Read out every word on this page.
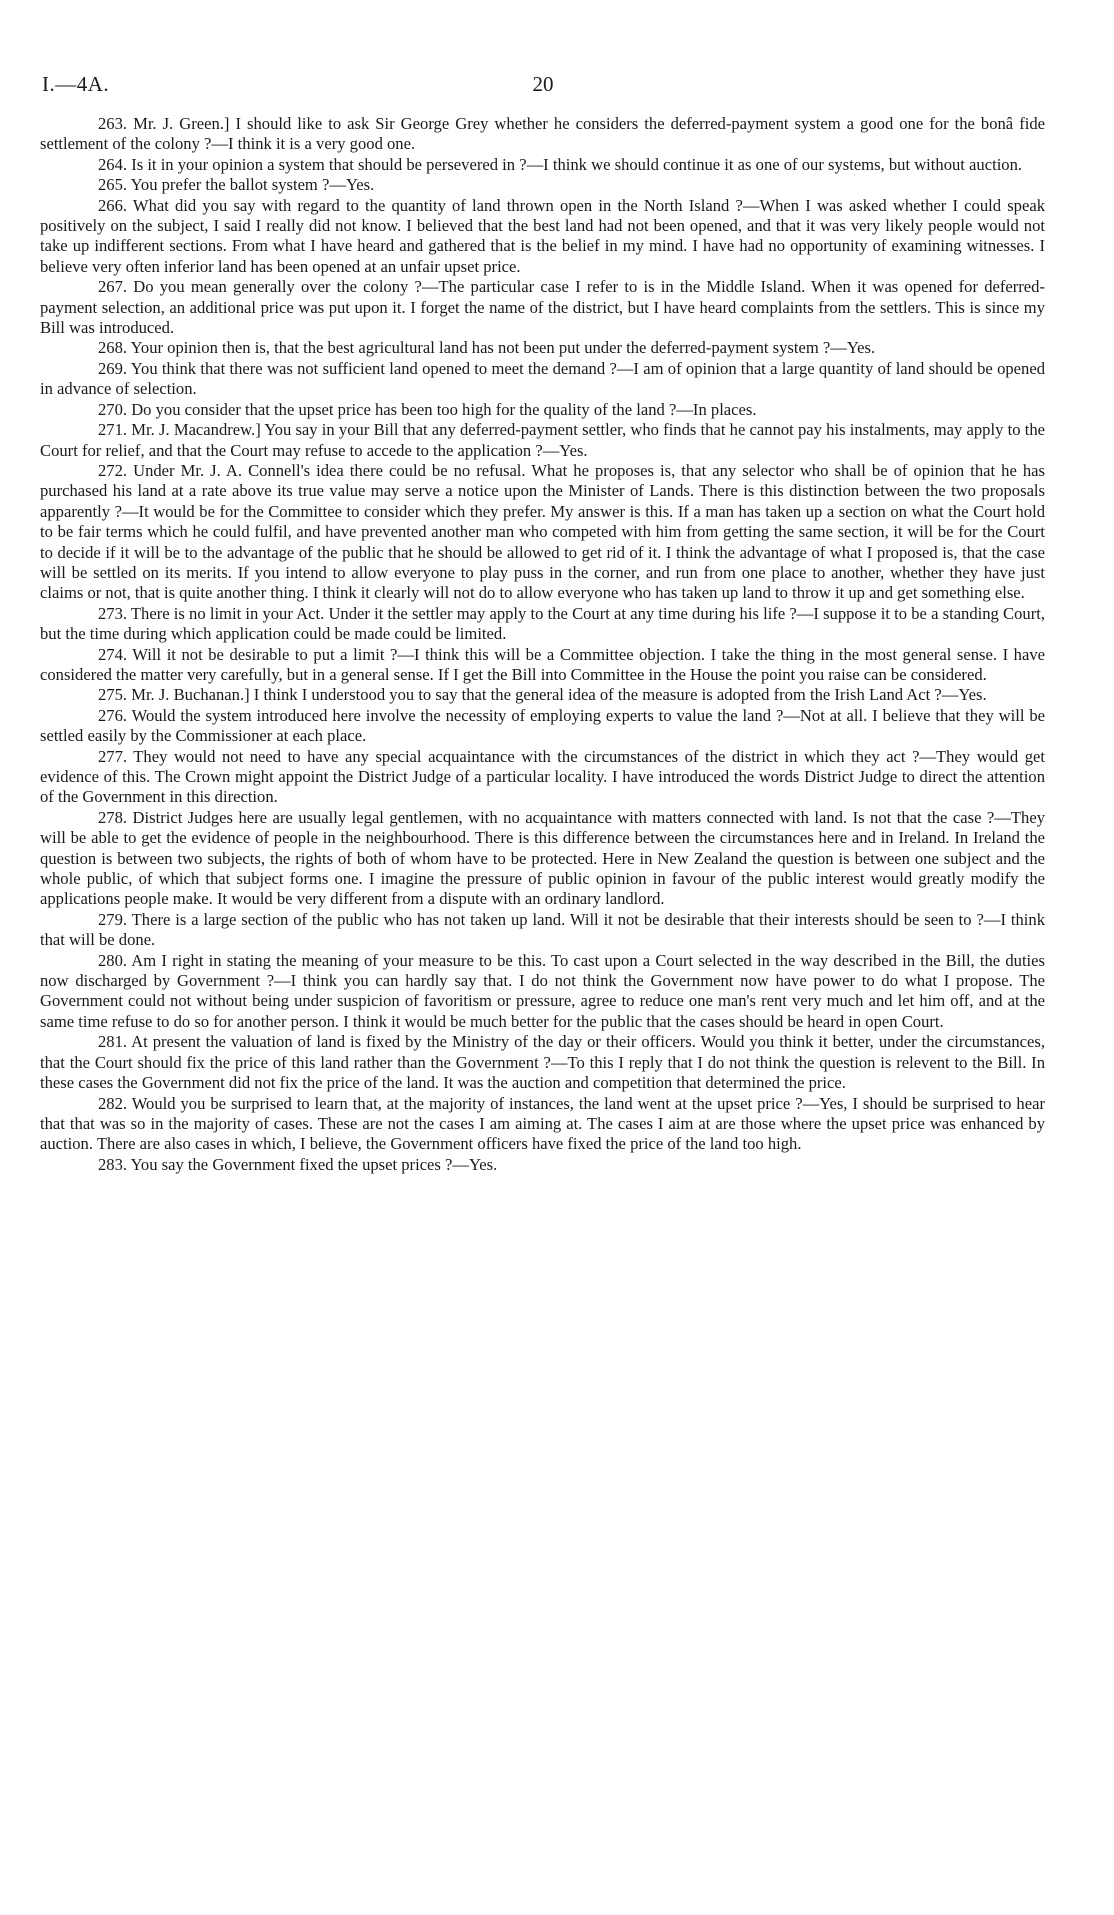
I.—4A.	20

263. Mr. J. Green.] I should like to ask Sir George Grey whether he considers the deferred-payment system a good one for the bonâ fide settlement of the colony ?—I think it is a very good one.

264. Is it in your opinion a system that should be persevered in ?—I think we should continue it as one of our systems, but without auction.

265. You prefer the ballot system ?—Yes.

266. What did you say with regard to the quantity of land thrown open in the North Island ?—When I was asked whether I could speak positively on the subject, I said I really did not know. I believed that the best land had not been opened, and that it was very likely people would not take up indifferent sections. From what I have heard and gathered that is the belief in my mind. I have had no opportunity of examining witnesses. I believe very often inferior land has been opened at an unfair upset price.

267. Do you mean generally over the colony ?—The particular case I refer to is in the Middle Island. When it was opened for deferred-payment selection, an additional price was put upon it. I forget the name of the district, but I have heard complaints from the settlers. This is since my Bill was introduced.

268. Your opinion then is, that the best agricultural land has not been put under the deferred-payment system ?—Yes.

269. You think that there was not sufficient land opened to meet the demand ?—I am of opinion that a large quantity of land should be opened in advance of selection.

270. Do you consider that the upset price has been too high for the quality of the land ?—In places.

271. Mr. J. Macandrew.] You say in your Bill that any deferred-payment settler, who finds that he cannot pay his instalments, may apply to the Court for relief, and that the Court may refuse to accede to the application ?—Yes.

272. Under Mr. J. A. Connell's idea there could be no refusal. What he proposes is, that any selector who shall be of opinion that he has purchased his land at a rate above its true value may serve a notice upon the Minister of Lands. There is this distinction between the two proposals apparently ?—It would be for the Committee to consider which they prefer. My answer is this. If a man has taken up a section on what the Court hold to be fair terms which he could fulfil, and have prevented another man who competed with him from getting the same section, it will be for the Court to decide if it will be to the advantage of the public that he should be allowed to get rid of it. I think the advantage of what I proposed is, that the case will be settled on its merits. If you intend to allow everyone to play puss in the corner, and run from one place to another, whether they have just claims or not, that is quite another thing. I think it clearly will not do to allow everyone who has taken up land to throw it up and get something else.

273. There is no limit in your Act. Under it the settler may apply to the Court at any time during his life ?—I suppose it to be a standing Court, but the time during which application could be made could be limited.

274. Will it not be desirable to put a limit ?—I think this will be a Committee objection. I take the thing in the most general sense. I have considered the matter very carefully, but in a general sense. If I get the Bill into Committee in the House the point you raise can be considered.

275. Mr. J. Buchanan.] I think I understood you to say that the general idea of the measure is adopted from the Irish Land Act ?—Yes.

276. Would the system introduced here involve the necessity of employing experts to value the land ?—Not at all. I believe that they will be settled easily by the Commissioner at each place.

277. They would not need to have any special acquaintance with the circumstances of the district in which they act ?—They would get evidence of this. The Crown might appoint the District Judge of a particular locality. I have introduced the words District Judge to direct the attention of the Government in this direction.

278. District Judges here are usually legal gentlemen, with no acquaintance with matters connected with land. Is not that the case ?—They will be able to get the evidence of people in the neighbourhood. There is this difference between the circumstances here and in Ireland. In Ireland the question is between two subjects, the rights of both of whom have to be protected. Here in New Zealand the question is between one subject and the whole public, of which that subject forms one. I imagine the pressure of public opinion in favour of the public interest would greatly modify the applications people make. It would be very different from a dispute with an ordinary landlord.

279. There is a large section of the public who has not taken up land. Will it not be desirable that their interests should be seen to ?—I think that will be done.

280. Am I right in stating the meaning of your measure to be this. To cast upon a Court selected in the way described in the Bill, the duties now discharged by Government ?—I think you can hardly say that. I do not think the Government now have power to do what I propose. The Government could not without being under suspicion of favoritism or pressure, agree to reduce one man's rent very much and let him off, and at the same time refuse to do so for another person. I think it would be much better for the public that the cases should be heard in open Court.

281. At present the valuation of land is fixed by the Ministry of the day or their officers. Would you think it better, under the circumstances, that the Court should fix the price of this land rather than the Government ?—To this I reply that I do not think the question is relevent to the Bill. In these cases the Government did not fix the price of the land. It was the auction and competition that determined the price.

282. Would you be surprised to learn that, at the majority of instances, the land went at the upset price ?—Yes, I should be surprised to hear that that was so in the majority of cases. These are not the cases I am aiming at. The cases I aim at are those where the upset price was enhanced by auction. There are also cases in which, I believe, the Government officers have fixed the price of the land too high.

283. You say the Government fixed the upset prices ?—Yes.
